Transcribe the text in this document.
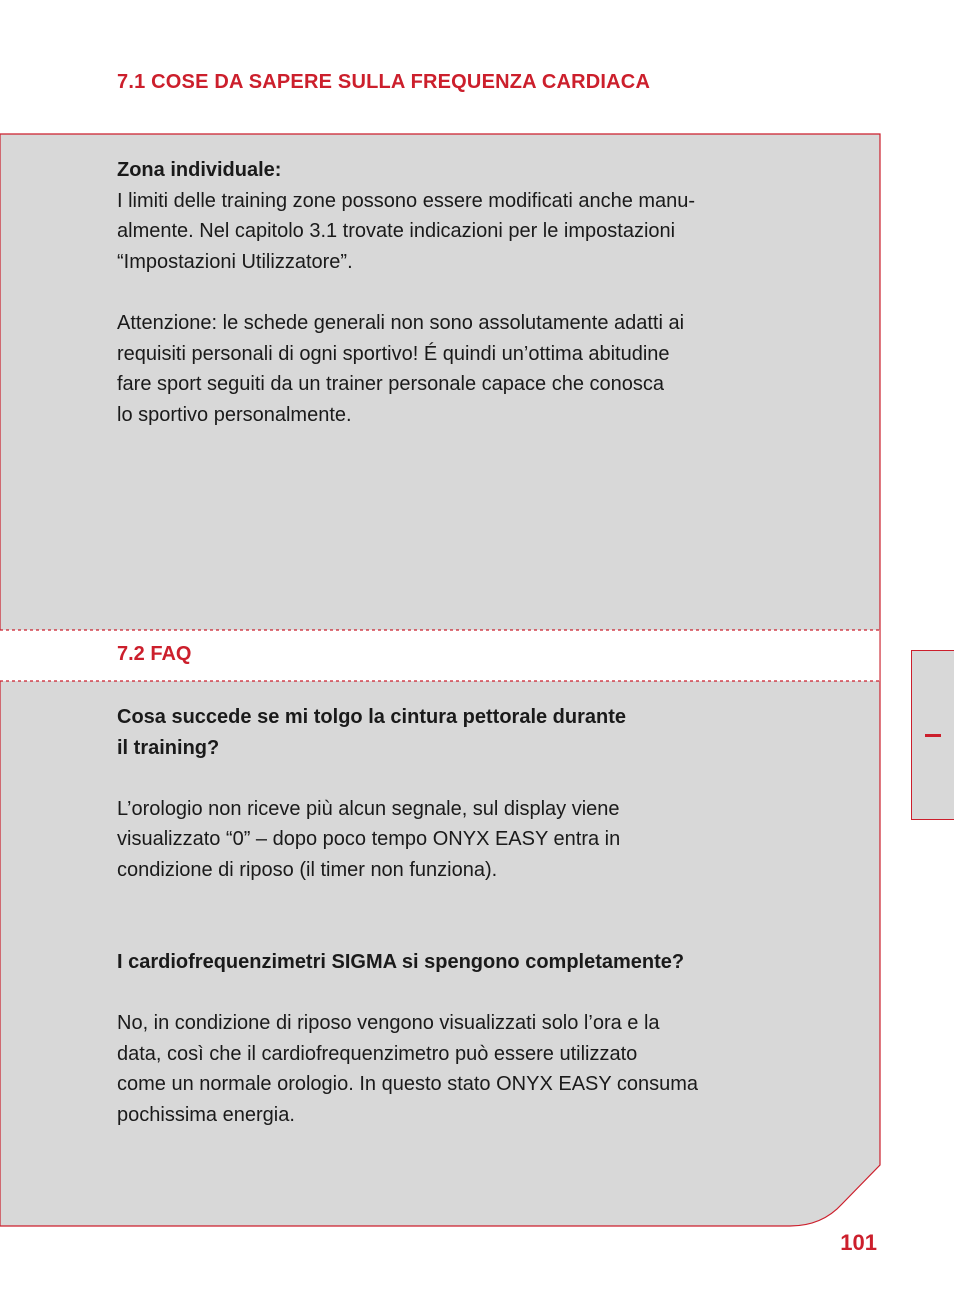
7.1 COSE DA SAPERE SULLA FREQUENZA CARDIACA

Zona individuale:

I limiti delle training zone possono essere modificati anche manu-

almente. Nel capitolo 3.1 trovate indicazioni per le impostazioni

“Impostazioni Utilizzatore”.

Attenzione: le schede generali non sono assolutamente adatti ai

requisiti personali di ogni sportivo! É quindi un’ottima abitudine

fare sport seguiti da un trainer personale capace che conosca

lo sportivo personalmente.

7.2 FAQ

Cosa succede se mi tolgo la cintura pettorale durante

il training?

L’orologio non riceve più alcun segnale, sul display viene

visualizzato “0” – dopo poco tempo ONYX EASY entra in

condizione di riposo (il timer non funziona).

I cardiofrequenzimetri SIGMA si spengono completamente?

No, in condizione di riposo vengono visualizzati solo l’ora e la

data, così che il cardiofrequenzimetro può essere utilizzato

come un normale orologio. In questo stato ONYX EASY consuma

pochissima energia.

101
